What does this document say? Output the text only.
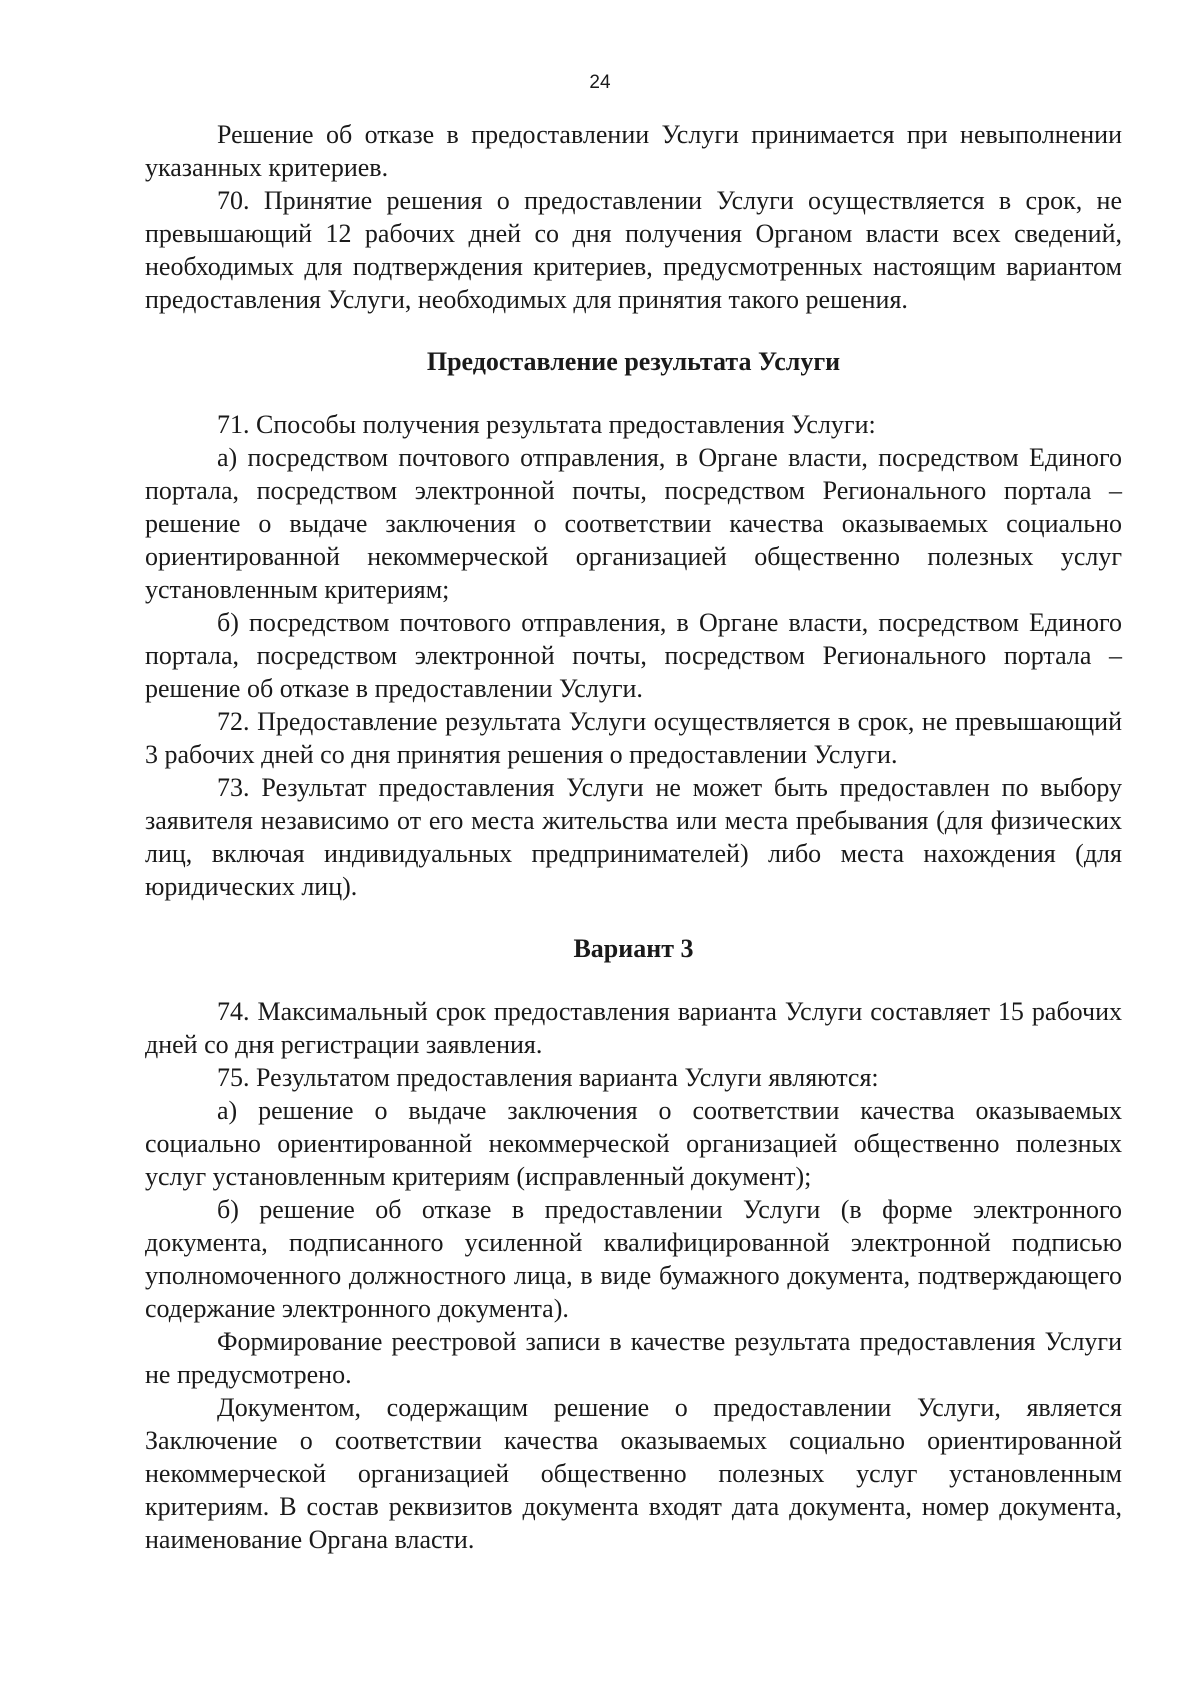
24

Решение об отказе в предоставлении Услуги принимается при невыполнении указанных критериев.

70. Принятие решения о предоставлении Услуги осуществляется в срок, не превышающий 12 рабочих дней со дня получения Органом власти всех сведений, необходимых для подтверждения критериев, предусмотренных настоящим вариантом предоставления Услуги, необходимых для принятия такого решения.

Предоставление результата Услуги

71. Способы получения результата предоставления Услуги:

а) посредством почтового отправления, в Органе власти, посредством Единого портала, посредством электронной почты, посредством Регионального портала – решение о выдаче заключения о соответствии качества оказываемых социально ориентированной некоммерческой организацией общественно полезных услуг установленным критериям;

б) посредством почтового отправления, в Органе власти, посредством Единого портала, посредством электронной почты, посредством Регионального портала – решение об отказе в предоставлении Услуги.

72. Предоставление результата Услуги осуществляется в срок, не превышающий 3 рабочих дней со дня принятия решения о предоставлении Услуги.

73. Результат предоставления Услуги не может быть предоставлен по выбору заявителя независимо от его места жительства или места пребывания (для физических лиц, включая индивидуальных предпринимателей) либо места нахождения (для юридических лиц).

Вариант 3

74. Максимальный срок предоставления варианта Услуги составляет 15 рабочих дней со дня регистрации заявления.

75. Результатом предоставления варианта Услуги являются:

а) решение о выдаче заключения о соответствии качества оказываемых социально ориентированной некоммерческой организацией общественно полезных услуг установленным критериям (исправленный документ);

б) решение об отказе в предоставлении Услуги (в форме электронного документа, подписанного усиленной квалифицированной электронной подписью уполномоченного должностного лица, в виде бумажного документа, подтверждающего содержание электронного документа).

Формирование реестровой записи в качестве результата предоставления Услуги не предусмотрено.

Документом, содержащим решение о предоставлении Услуги, является Заключение о соответствии качества оказываемых социально ориентированной некоммерческой организацией общественно полезных услуг установленным критериям. В состав реквизитов документа входят дата документа, номер документа, наименование Органа власти.
